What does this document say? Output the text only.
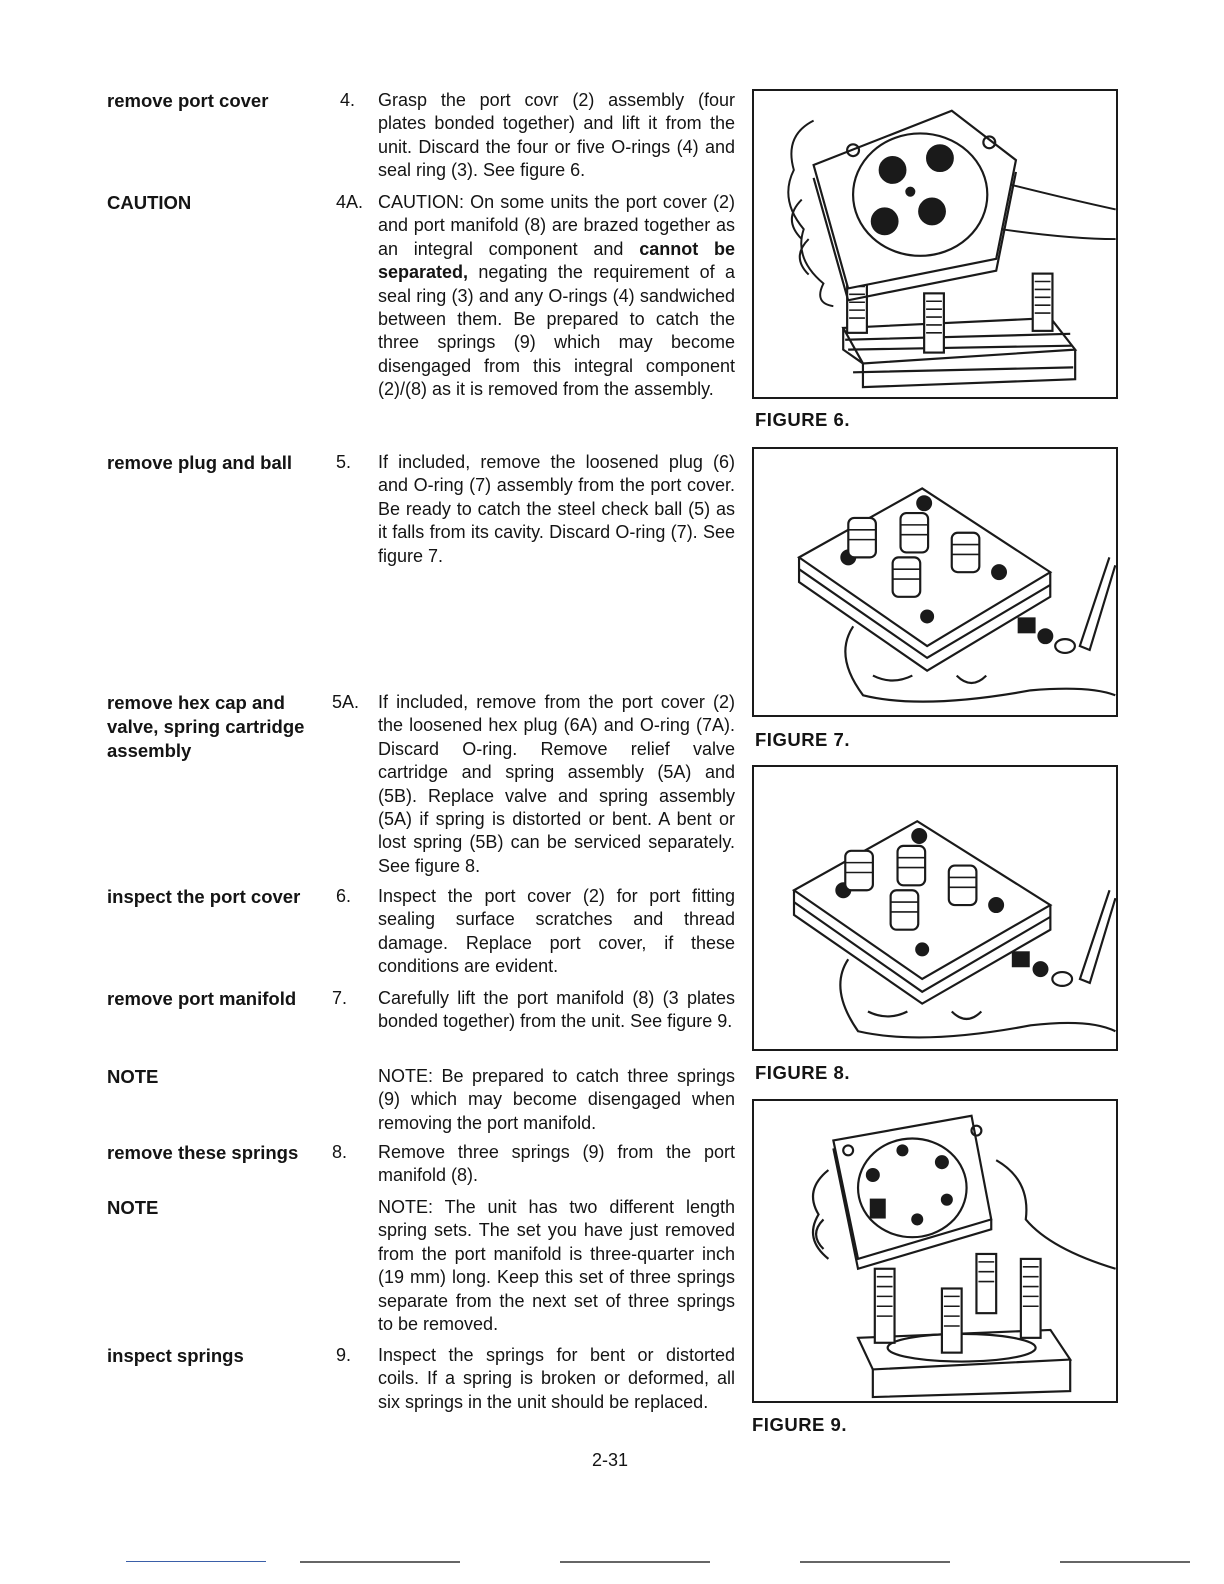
remove port cover
CAUTION
remove plug and ball
remove hex cap and valve, spring cartridge assembly
inspect the port cover
remove port manifold
NOTE
remove these springs
NOTE
inspect springs
4.
4A.
5.
5A.
6.
7.
8.
9.
Grasp the port covr (2) assembly (four plates bonded together) and lift it from the unit. Discard the four or five O-rings (4) and seal ring (3). See figure 6.
CAUTION: On some units the port cover (2) and port manifold (8) are brazed together as an integral component and cannot be separated, negating the requirement of a seal ring (3) and any O-rings (4) sandwiched between them. Be prepared to catch the three springs (9) which may become disengaged from this integral component (2)/(8) as it is removed from the assembly.
If included, remove the loosened plug (6) and O-ring (7) assembly from the port cover. Be ready to catch the steel check ball (5) as it falls from its cavity. Discard O-ring (7). See figure 7.
If included, remove from the port cover (2) the loosened hex plug (6A) and O-ring (7A). Discard O-ring. Remove relief valve cartridge and spring assembly (5A) and (5B). Replace valve and spring assembly (5A) if spring is distorted or bent. A bent or lost spring (5B) can be serviced separately. See figure 8.
Inspect the port cover (2) for port fitting sealing surface scratches and thread damage. Replace port cover, if these conditions are evident.
Carefully lift the port manifold (8) (3 plates bonded together) from the unit. See figure 9.
NOTE: Be prepared to catch three springs (9) which may become disengaged when removing the port manifold.
Remove three springs (9) from the port manifold (8).
NOTE: The unit has two different length spring sets. The set you have just removed from the port manifold is three-quarter inch (19 mm) long. Keep this set of three springs separate from the next set of three springs to be removed.
Inspect the springs for bent or distorted coils. If a spring is broken or deformed, all six springs in the unit should be replaced.
FIGURE 6.
FIGURE 7.
FIGURE 8.
FIGURE 9.
2-31
